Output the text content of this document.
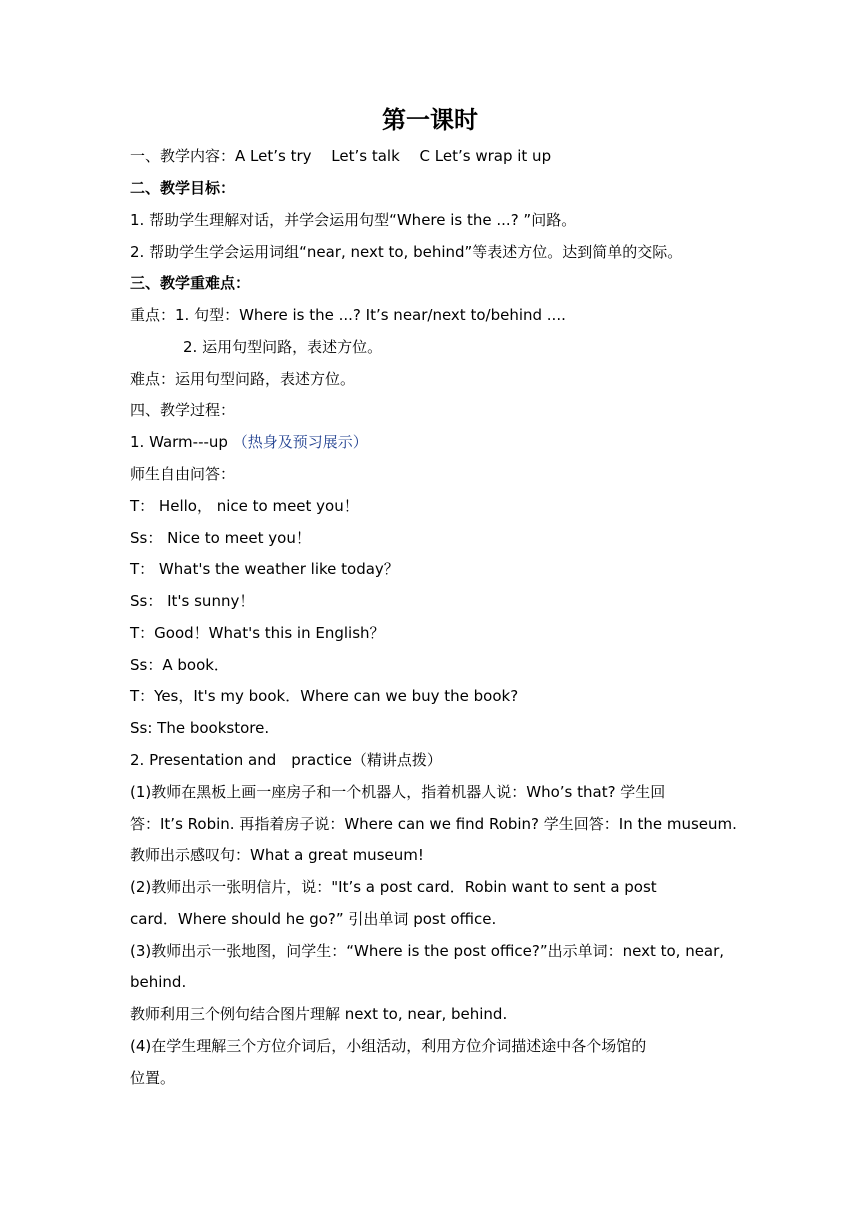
第一课时
一、教学内容：A Let’s try　 Let’s talk　 C Let’s wrap it up
二、教学目标：
1. 帮助学生理解对话，并学会运用句型“Where is the ...? ”问路。
2. 帮助学生学会运用词组“near, next to, behind”等表述方位。达到简单的交际。
三、教学重难点：
重点：1. 句型：Where is the ...? It’s near/next to/behind ....
2. 运用句型问路，表述方位。
难点：运用句型问路，表述方位。
四、教学过程：
1. Warm---up （热身及预习展示）
师生自由问答：
T： Hello， nice to meet you！
Ss： Nice to meet you！
T： What's the weather like today？
Ss： It's sunny！
T：Good！What's this in English？
Ss：A book．
T：Yes，It's my book．Where can we buy the book?
Ss: The bookstore.
2. Presentation and　practice（精讲点拨）
(1)教师在黑板上画一座房子和一个机器人，指着机器人说：Who’s that? 学生回
答：It’s Robin. 再指着房子说：Where can we find Robin? 学生回答：In the museum.
教师出示感叹句：What a great museum!
(2)教师出示一张明信片，说："It’s a post card．Robin want to sent a post
card．Where should he go?” 引出单词 post office.
(3)教师出示一张地图，问学生：“Where is the post office?”出示单词：next to, near,
behind.
教师利用三个例句结合图片理解 next to, near, behind.
(4)在学生理解三个方位介词后，小组活动，利用方位介词描述途中各个场馆的
位置。
